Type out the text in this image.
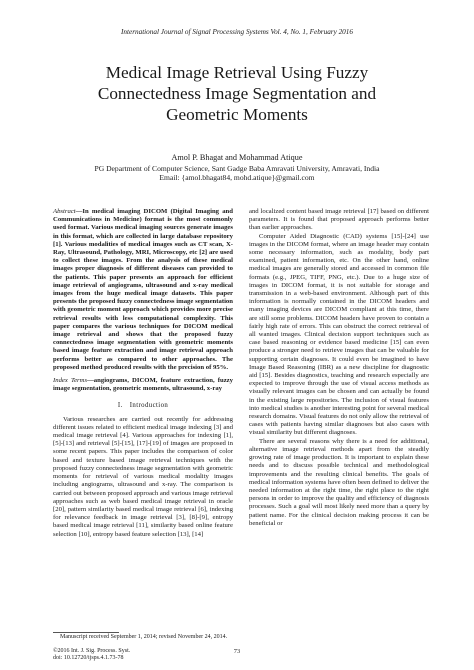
International Journal of Signal Processing Systems Vol. 4, No. 1, February 2016
Medical Image Retrieval Using Fuzzy
Connectedness Image Segmentation and
Geometric Moments
Amol P. Bhagat and Mohammad Atique
PG Department of Computer Science, Sant Gadge Baba Amravati University, Amravati, India
Email: {amol.bhagat84, mohd.atique}@gmail.com

Abstract—In medical imaging DICOM (Digital Imaging and Communications in Medicine) format is the most commonly used format. Various medical imaging sources generate images in this format, which are collected in large database repository [1]. Various modalities of medical images such as CT scan, X- Ray, Ultrasound, Pathology, MRI, Microscopy, etc [2] are used to collect these images. From the analysis of these medical images proper diagnosis of different diseases can provided to the patients. This paper presents an approach for efficient image retrieval of angiograms, ultrasound and x-ray medical images from the huge medical image datasets. This paper presents the proposed fuzzy connectedness image segmentation with geometric moment approach which provides more precise retrieval results with less computational complexity. This paper compares the various techniques for DICOM medical image retrieval and shows that the proposed fuzzy connectedness image segmentation with geometric moments based image feature extraction and image retrieval approach performs better as compared to other approaches. The proposed method produced results with the precision of 95%.

Index Terms—angiograms, DICOM, feature extraction, fuzzy image segmentation, geometric moments, ultrasound, x-ray

I. Introduction

Various researches are carried out recently for addressing different issues related to efficient medical image indexing [3] and medical image retrieval [4]. Various approaches for indexing [1], [5]-[13] and retrieval [5]-[15], [17]-[19] of images are proposed in some recent papers. This paper includes the comparison of color based and texture based image retrieval techniques with the proposed fuzzy connectedness image segmentation with geometric moments for retrieval of various medical modality images including angiograms, ultrasound and x-ray. The comparison is carried out between proposed approach and various image retrieval approaches such as web based medical image retrieval in oracle [20], pattern similarity based medical image retrieval [6], indexing for relevance feedback in image retrieval [3], [8]-[9], entropy based medical image retrieval [11], similarity based online feature selection [10], entropy based feature selection [13], [14]

and localized content based image retrieval [17] based on different parameters. It is found that proposed approach performs better than earlier approaches.

Computer Aided Diagnostic (CAD) systems [15]-[24] use images in the DICOM format, where an image header may contain some necessary information, such as modality, body part examined, patient information, etc. On the other hand, online medical images are generally stored and accessed in common file formats (e.g., JPEG, TIFF, PNG, etc.). Due to a huge size of images in DICOM format, it is not suitable for storage and transmission in a web-based environment. Although part of this information is normally contained in the DICOM headers and many imaging devices are DICOM compliant at this time, there are still some problems. DICOM headers have proven to contain a fairly high rate of errors. This can obstruct the correct retrieval of all wanted images. Clinical decision support techniques such as case based reasoning or evidence based medicine [15] can even produce a stronger need to retrieve images that can be valuable for supporting certain diagnoses. It could even be imagined to have Image Based Reasoning (IBR) as a new discipline for diagnostic aid [15]. Besides diagnostics, teaching and research especially are expected to improve through the use of visual access methods as visually relevant images can be chosen and can actually be found in the existing large repositories. The inclusion of visual features into medical studies is another interesting point for several medical research domains. Visual features do not only allow the retrieval of cases with patients having similar diagnoses but also cases with visual similarity but different diagnoses.

There are several reasons why there is a need for additional, alternative image retrieval methods apart from the steadily growing rate of image production. It is important to explain these needs and to discuss possible technical and methodological improvements and the resulting clinical benefits. The goals of medical information systems have often been defined to deliver the needed information at the right time, the right place to the right persons in order to improve the quality and efficiency of diagnosis processes. Such a goal will most likely need more than a query by patient name. For the clinical decision making process it can be beneficial or

Manuscript received September 1, 2014; revised November 24, 2014.
©2016 Int. J. Sig. Process. Syst.
doi: 10.12720/ijsps.4.1.73-78
73
